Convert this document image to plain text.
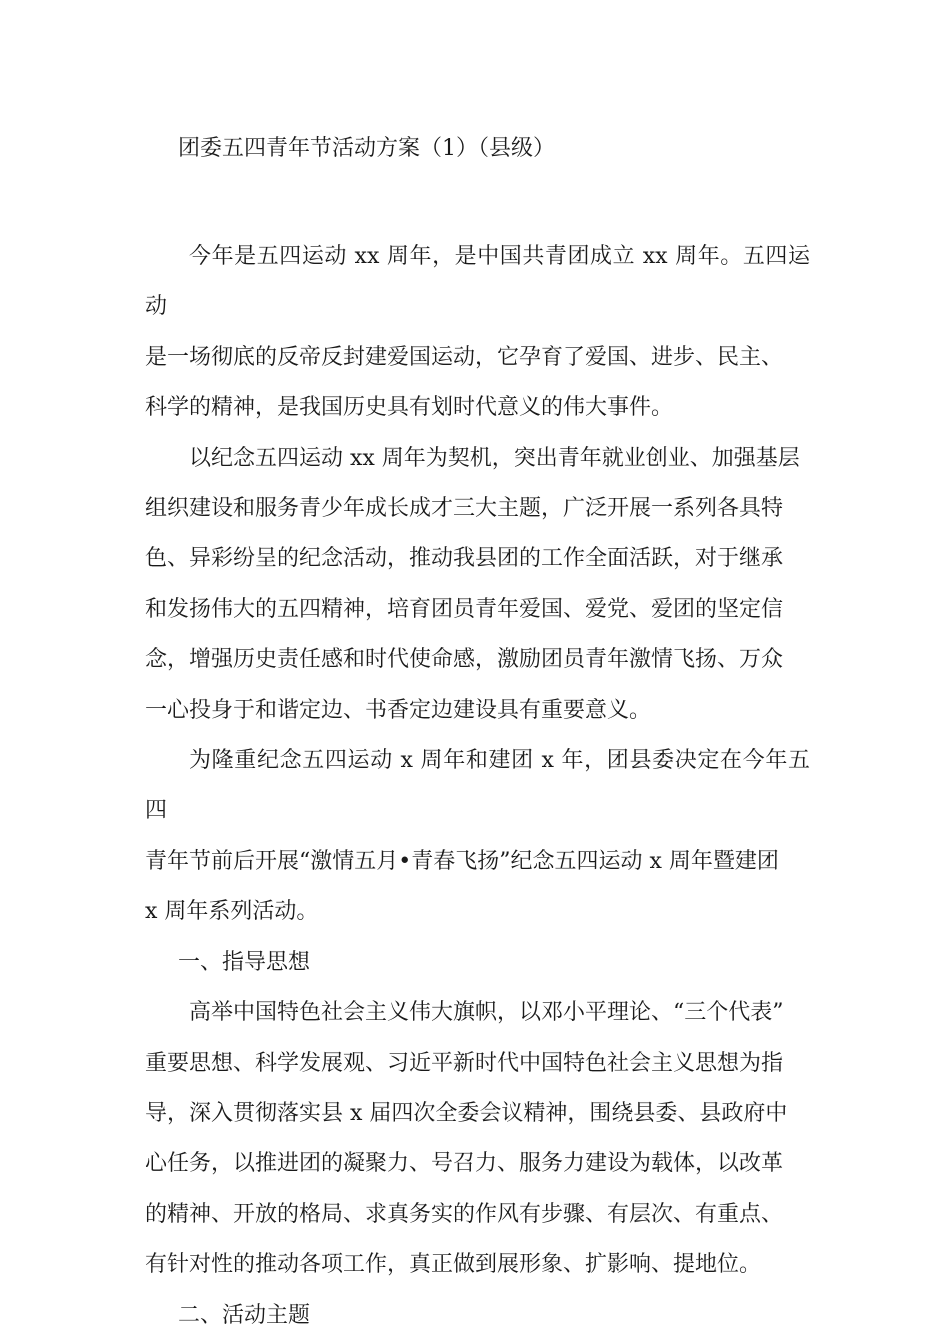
团委五四青年节活动方案（1）（县级）

今年是五四运动 xx 周年，是中国共青团成立 xx 周年。五四运动
是一场彻底的反帝反封建爱国运动，它孕育了爱国、进步、民主、
科学的精神，是我国历史具有划时代意义的伟大事件。

以纪念五四运动 xx 周年为契机，突出青年就业创业、加强基层
组织建设和服务青少年成长成才三大主题，广泛开展一系列各具特
色、异彩纷呈的纪念活动，推动我县团的工作全面活跃，对于继承
和发扬伟大的五四精神，培育团员青年爱国、爱党、爱团的坚定信
念，增强历史责任感和时代使命感，激励团员青年激情飞扬、万众
一心投身于和谐定边、书香定边建设具有重要意义。

为隆重纪念五四运动 x 周年和建团 x 年，团县委决定在今年五四
青年节前后开展“激情五月•青春飞扬”纪念五四运动 x 周年暨建团
x 周年系列活动。

一、指导思想

高举中国特色社会主义伟大旗帜，以邓小平理论、“三个代表”
重要思想、科学发展观、习近平新时代中国特色社会主义思想为指
导，深入贯彻落实县 x 届四次全委会议精神，围绕县委、县政府中
心任务，以推进团的凝聚力、号召力、服务力建设为载体，以改革
的精神、开放的格局、求真务实的作风有步骤、有层次、有重点、
有针对性的推动各项工作，真正做到展形象、扩影响、提地位。

二、活动主题
